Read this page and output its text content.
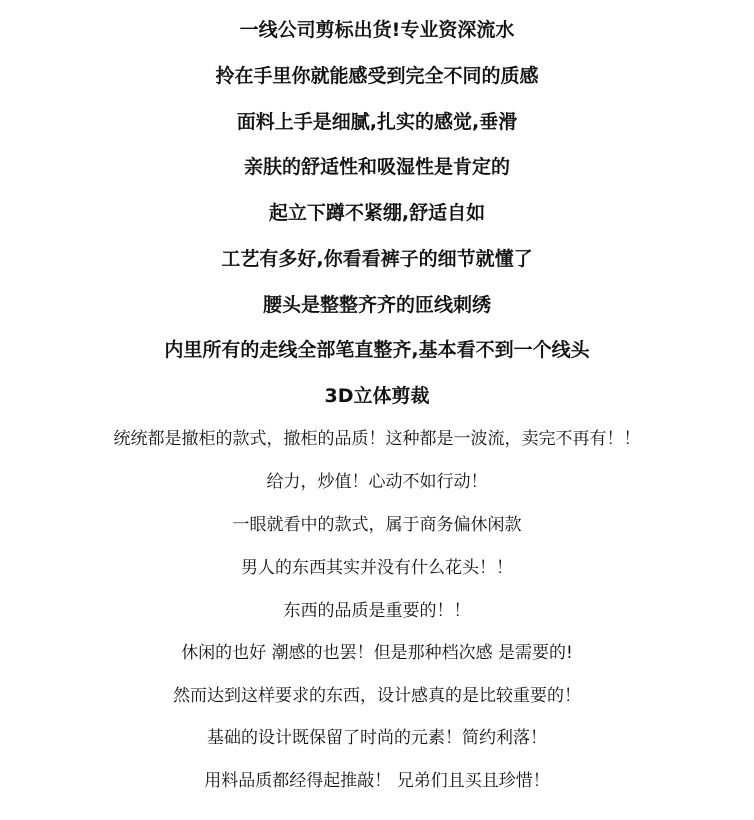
一线公司剪标出货!专业资深流水
拎在手里你就能感受到完全不同的质感
面料上手是细腻,扎实的感觉,垂滑
亲肤的舒适性和吸湿性是肯定的
起立下蹲不紧绷,舒适自如
工艺有多好,你看看裤子的细节就懂了
腰头是整整齐齐的匝线刺绣
内里所有的走线全部笔直整齐,基本看不到一个线头
3D立体剪裁
统统都是撤柜的款式，撤柜的品质！这种都是一波流，卖完不再有！！
给力，炒值！心动不如行动！
一眼就看中的款式，属于商务偏休闲款
男人的东西其实并没有什么花头！！
东西的品质是重要的！！
休闲的也好 潮感的也罢！但是那种档次感 是需要的!
然而达到这样要求的东西，设计感真的是比较重要的！
基础的设计既保留了时尚的元素！简约利落！
用料品质都经得起推敲！ 兄弟们且买且珍惜！
